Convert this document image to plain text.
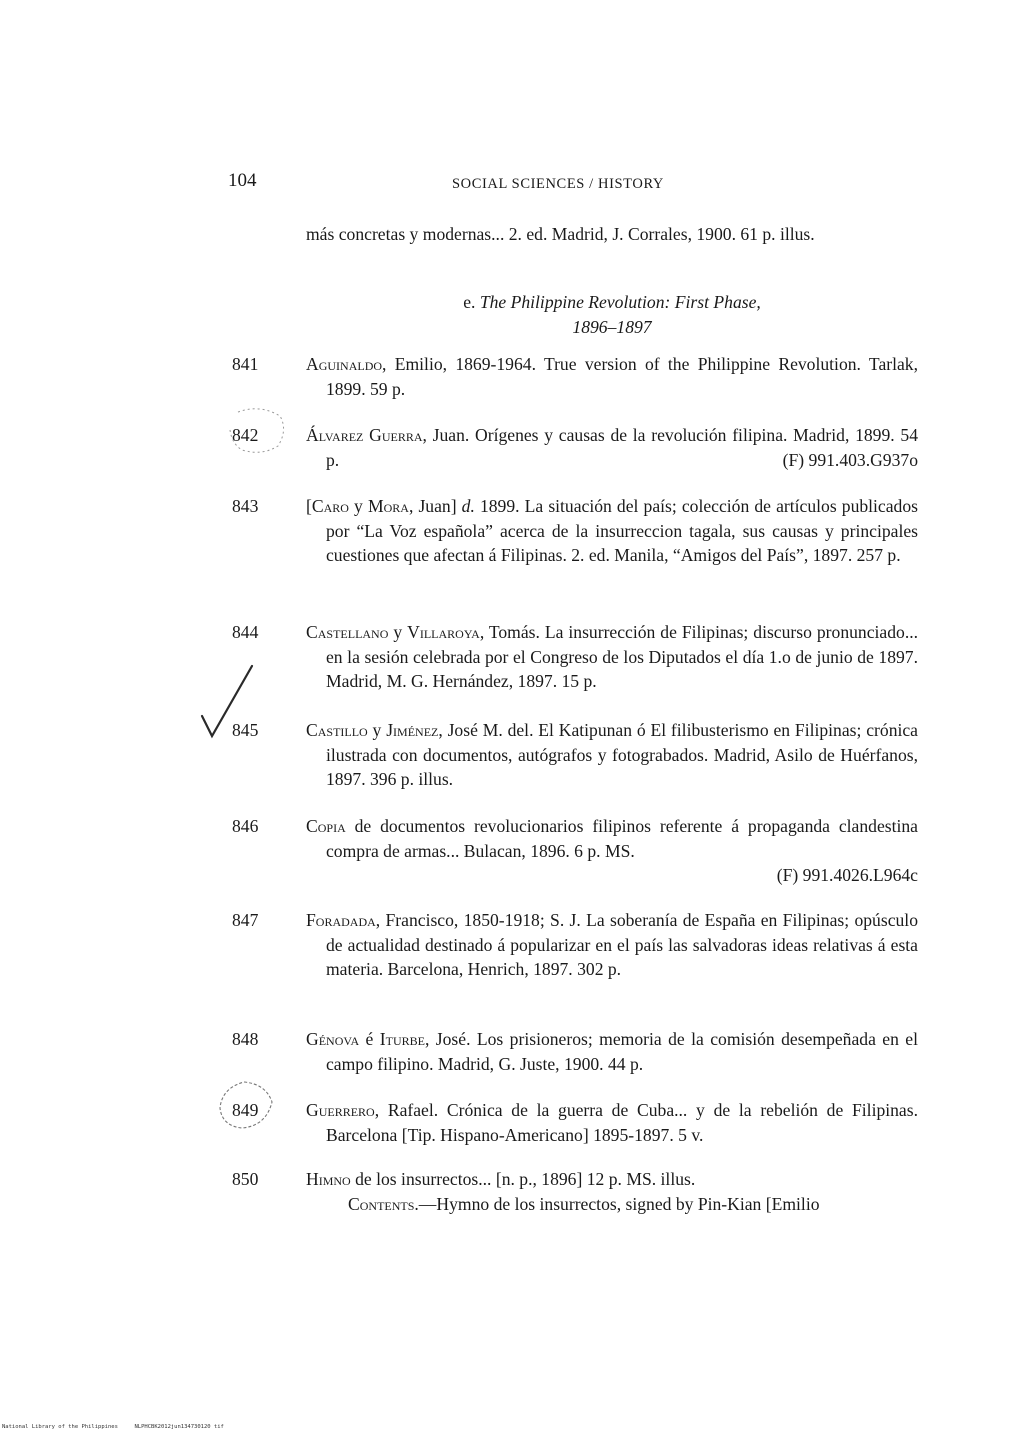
104	SOCIAL SCIENCES / HISTORY
más concretas y modernas... 2. ed. Madrid, J. Corrales, 1900. 61 p. illus.
e. The Philippine Revolution: First Phase,
1896–1897
841	Aguinaldo, Emilio, 1869-1964. True version of the Philippine Revolution. Tarlak, 1899. 59 p.
842	Álvarez Guerra, Juan. Orígenes y causas de la revolución filipina. Madrid, 1899. 54 p.	(F) 991.403.G937o
843	[Caro y Mora, Juan] d. 1899. La situación del país; colección de artículos publicados por “La Voz española” acerca de la insurreccion tagala, sus causas y principales cuestiones que afectan á Filipinas. 2. ed. Manila, “Amigos del País”, 1897. 257 p.
844	Castellano y Villaroya, Tomás. La insurrección de Filipinas; discurso pronunciado... en la sesión celebrada por el Congreso de los Diputados el día 1.o de junio de 1897. Madrid, M. G. Hernández, 1897. 15 p.
845	Castillo y Jiménez, José M. del. El Katipunan ó El filibusterismo en Filipinas; crónica ilustrada con documentos, autógrafos y fotograbados. Madrid, Asilo de Huérfanos, 1897. 396 p. illus.
846	Copia de documentos revolucionarios filipinos referente á propaganda clandestina compra de armas... Bulacan, 1896. 6 p. MS.
(F) 991.4026.L964c
847	Foradada, Francisco, 1850-1918; S. J. La soberanía de España en Filipinas; opúsculo de actualidad destinado á popularizar en el país las salvadoras ideas relativas á esta materia. Barcelona, Henrich, 1897. 302 p.
848	Génova é Iturbe, José. Los prisioneros; memoria de la comisión desempeñada en el campo filipino. Madrid, G. Juste, 1900. 44 p.
849	Guerrero, Rafael. Crónica de la guerra de Cuba... y de la rebelión de Filipinas. Barcelona [Tip. Hispano-Americano] 1895-1897. 5 v.
850	Himno de los insurrectos... [n. p., 1896] 12 p. MS. illus.
Contents.—Hymno de los insurrectos, signed by Pin-Kian [Emilio
National Library of the Philippines     NLPHCBK2012jun134730120 tif
